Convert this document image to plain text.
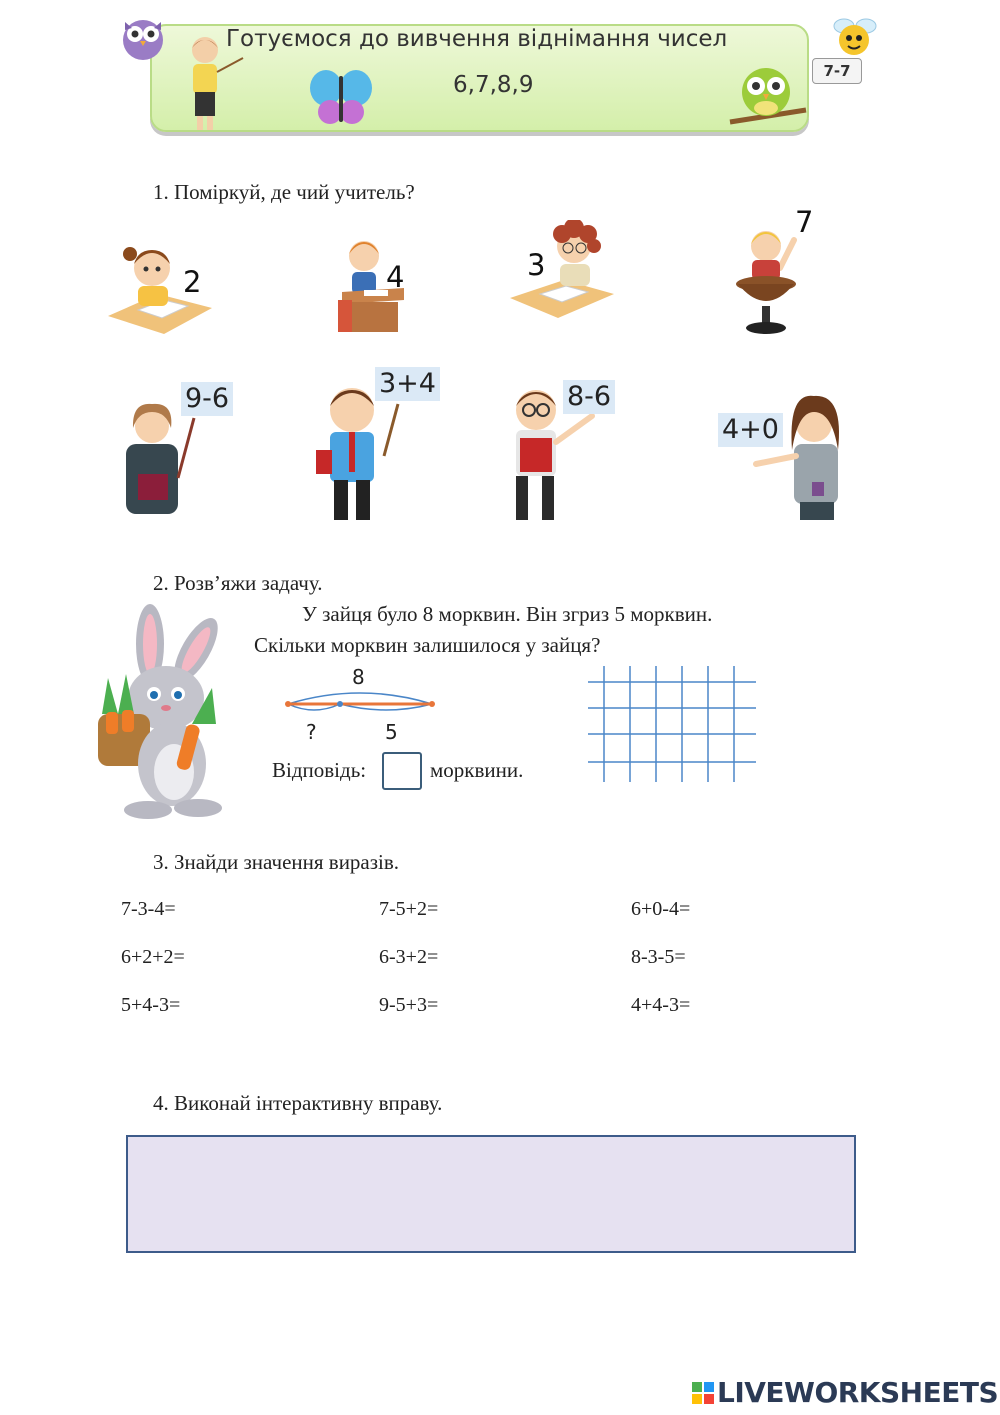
Готуємося до вивчення віднімання чисел
6,7,8,9
7-7
1. Поміркуй, де чий учитель?
2	4	3
7
9-6	3+4	8-6
4+0
2. Розв’яжи задачу.
У зайця було 8 морквин. Він згриз 5 морквин.
Скільки морквин залишилося у зайця?
8
?	5
Відповідь:	морквини.
3. Знайди значення виразів.
7-3-4=	7-5+2=	6+0-4=
6+2+2=	6-3+2=	8-3-5=
5+4-3=	9-5+3=	4+4-3=
4. Виконай інтерактивну вправу.
LIVEWORKSHEETS
